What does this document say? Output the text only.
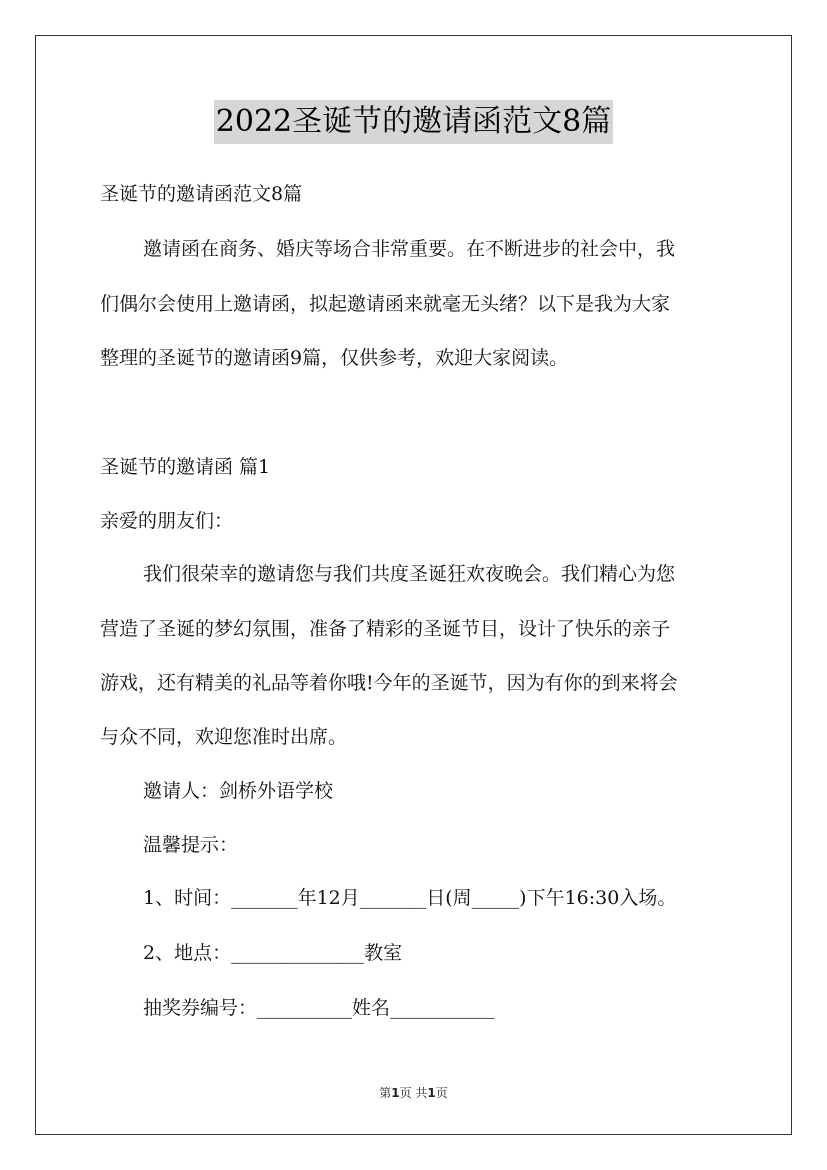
2022圣诞节的邀请函范文8篇
圣诞节的邀请函范文8篇
邀请函在商务、婚庆等场合非常重要。在不断进步的社会中，我
们偶尔会使用上邀请函，拟起邀请函来就毫无头绪？以下是我为大家
整理的圣诞节的邀请函9篇，仅供参考，欢迎大家阅读。
圣诞节的邀请函 篇1
亲爱的朋友们：
我们很荣幸的邀请您与我们共度圣诞狂欢夜晚会。我们精心为您
营造了圣诞的梦幻氛围，准备了精彩的圣诞节目，设计了快乐的亲子
游戏，还有精美的礼品等着你哦!今年的圣诞节，因为有你的到来将会
与众不同，欢迎您准时出席。
邀请人：剑桥外语学校
温馨提示：
1、时间：_______年12月_______日(周_____)下午16:30入场。
2、地点：______________教室
抽奖券编号：__________姓名___________
第1页 共1页
